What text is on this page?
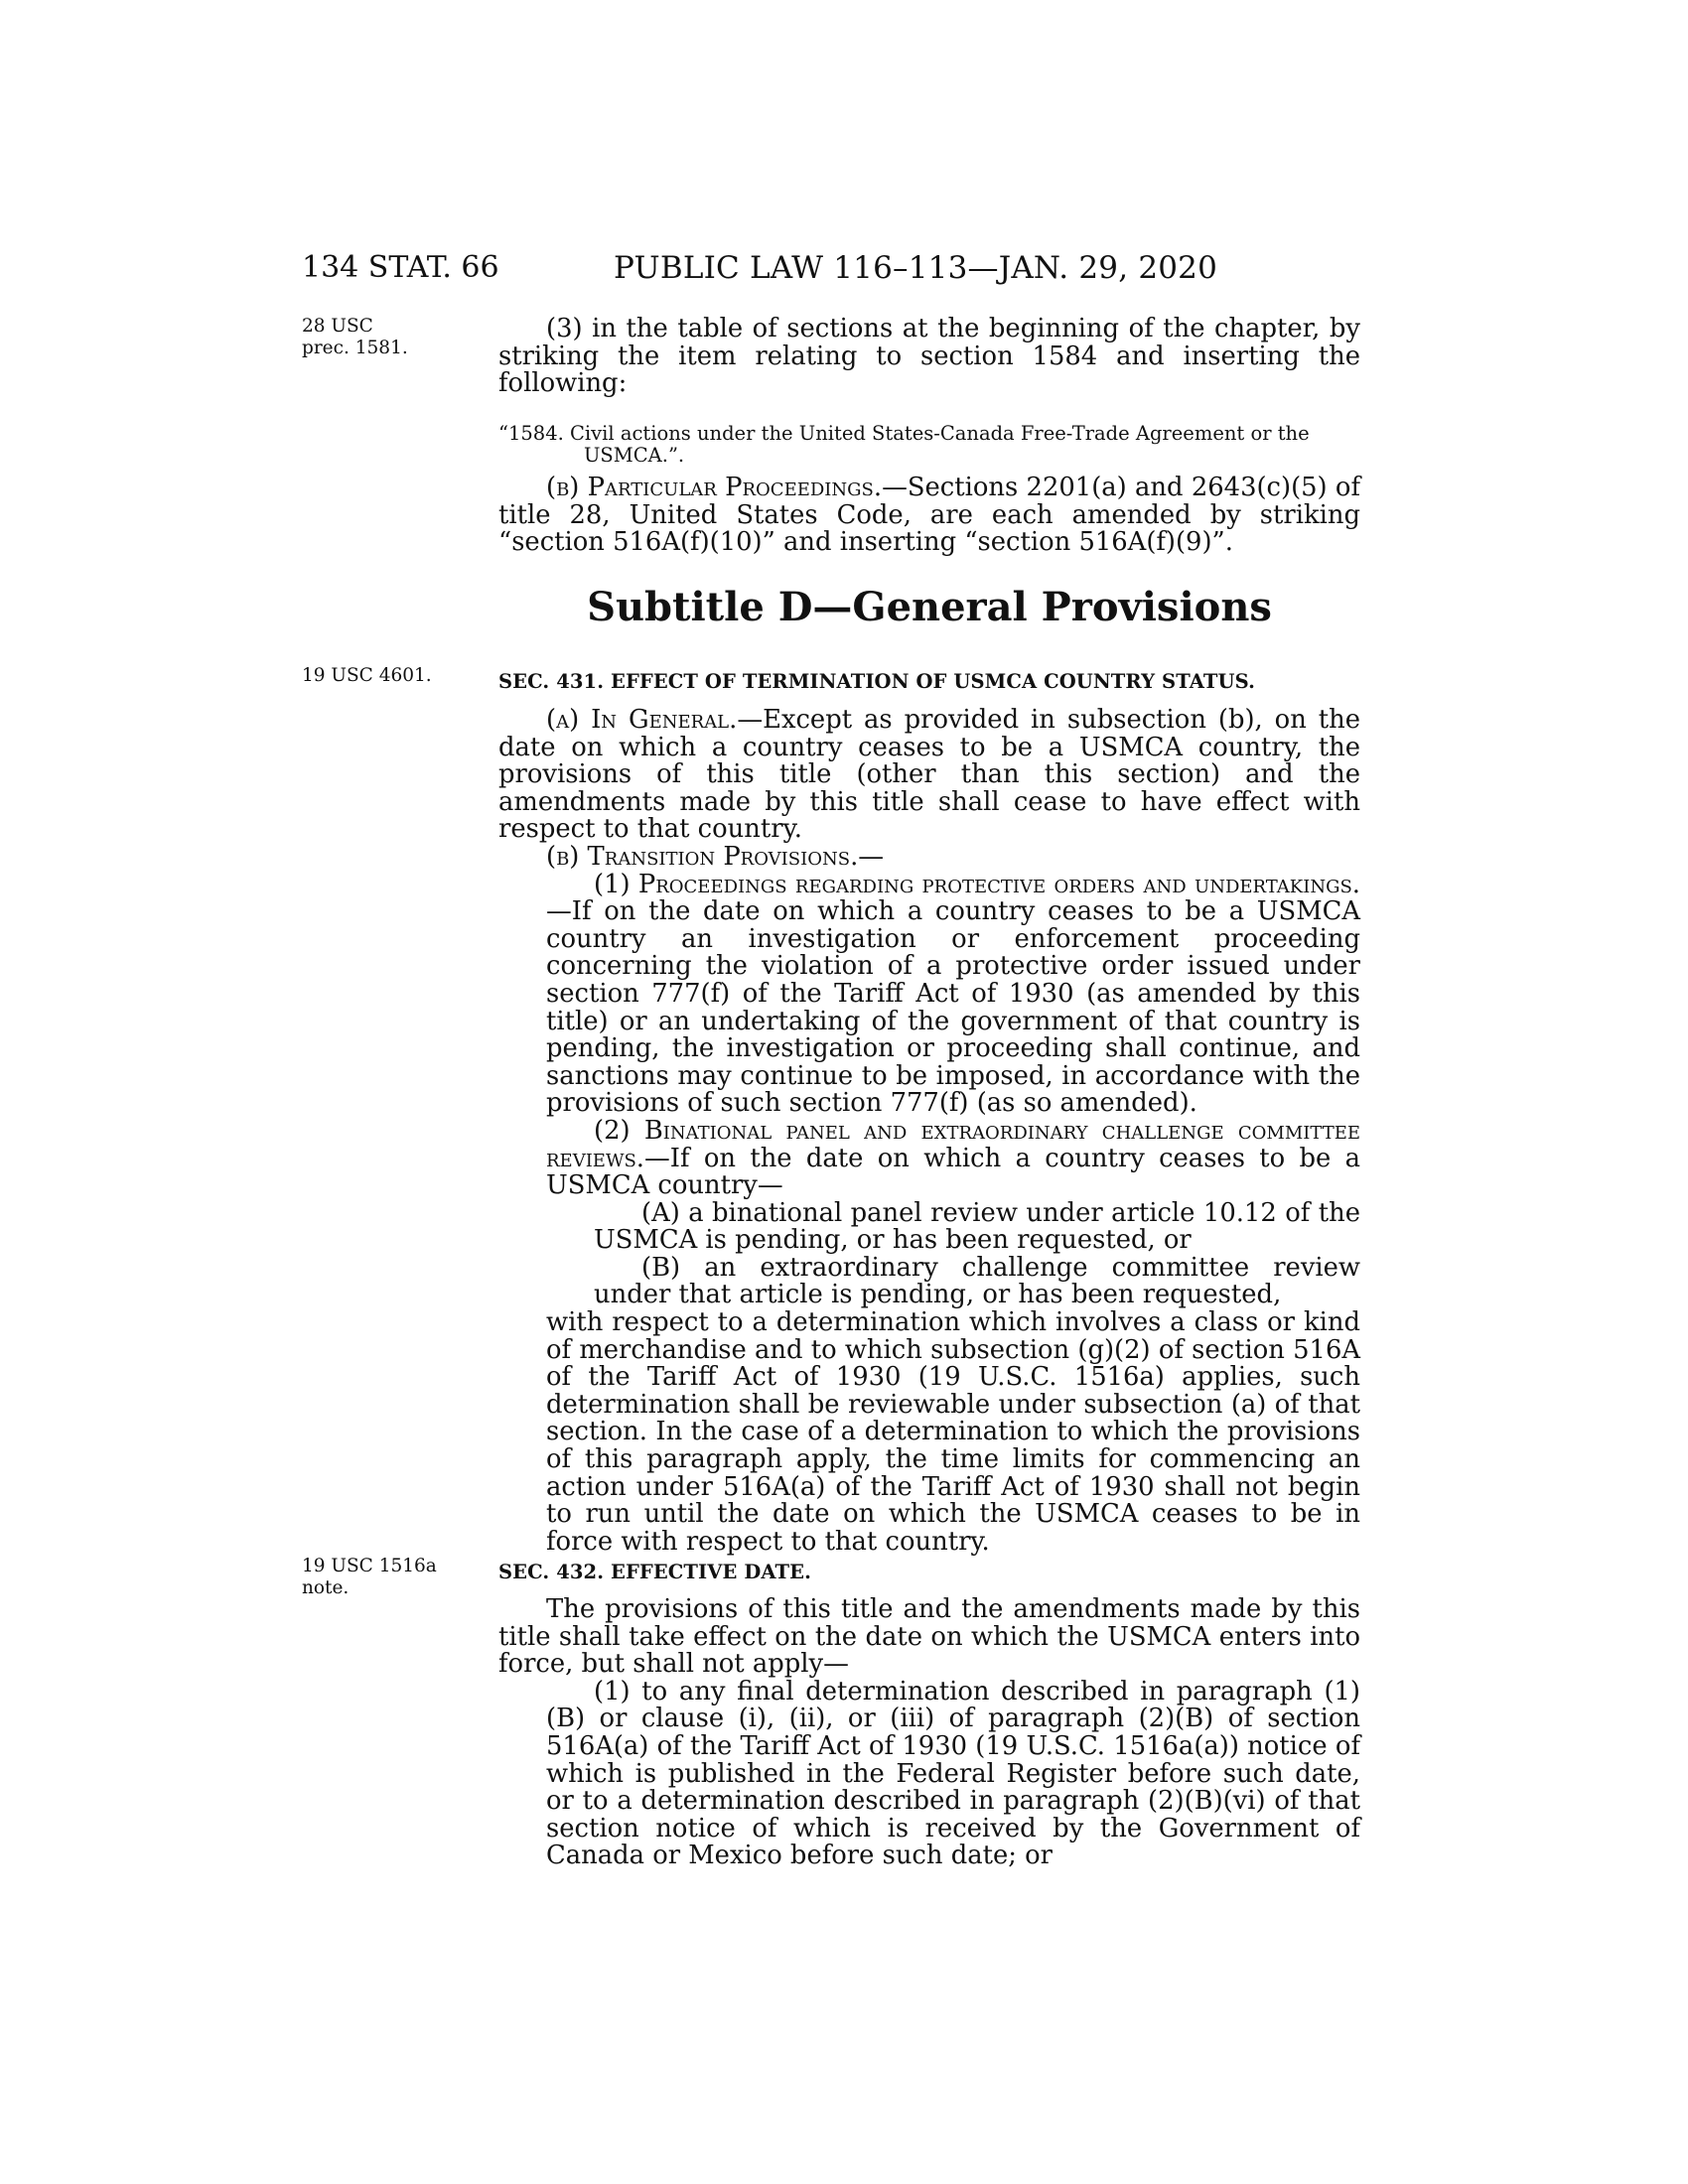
134 STAT. 66	PUBLIC LAW 116–113—JAN. 29, 2020
28 USC
prec. 1581.
19 USC 4601.
19 USC 1516a
note.

(3) in the table of sections at the beginning of the chapter, by striking the item relating to section 1584 and inserting the following:

“1584. Civil actions under the United States-Canada Free-Trade Agreement or the
USMCA.”.

(b) Particular Proceedings.—Sections 2201(a) and 2643(c)(5) of title 28, United States Code, are each amended by striking “section 516A(f)(10)” and inserting “section 516A(f)(9)”.

Subtitle D—General Provisions

SEC. 431. EFFECT OF TERMINATION OF USMCA COUNTRY STATUS.

(a) In General.—Except as provided in subsection (b), on the date on which a country ceases to be a USMCA country, the provisions of this title (other than this section) and the amendments made by this title shall cease to have effect with respect to that country.

(b) Transition Provisions.—

(1) Proceedings regarding protective orders and undertakings.—If on the date on which a country ceases to be a USMCA country an investigation or enforcement proceeding concerning the violation of a protective order issued under section 777(f) of the Tariff Act of 1930 (as amended by this title) or an undertaking of the government of that country is pending, the investigation or proceeding shall continue, and sanctions may continue to be imposed, in accordance with the provisions of such section 777(f) (as so amended).

(2) Binational panel and extraordinary challenge committee reviews.—If on the date on which a country ceases to be a USMCA country—

(A) a binational panel review under article 10.12 of the USMCA is pending, or has been requested, or

(B) an extraordinary challenge committee review under that article is pending, or has been requested,

with respect to a determination which involves a class or kind of merchandise and to which subsection (g)(2) of section 516A of the Tariff Act of 1930 (19 U.S.C. 1516a) applies, such determination shall be reviewable under subsection (a) of that section. In the case of a determination to which the provisions of this paragraph apply, the time limits for commencing an action under 516A(a) of the Tariff Act of 1930 shall not begin to run until the date on which the USMCA ceases to be in force with respect to that country.

SEC. 432. EFFECTIVE DATE.

The provisions of this title and the amendments made by this title shall take effect on the date on which the USMCA enters into force, but shall not apply—

(1) to any final determination described in paragraph (1)(B) or clause (i), (ii), or (iii) of paragraph (2)(B) of section 516A(a) of the Tariff Act of 1930 (19 U.S.C. 1516a(a)) notice of which is published in the Federal Register before such date, or to a determination described in paragraph (2)(B)(vi) of that section notice of which is received by the Government of Canada or Mexico before such date; or
